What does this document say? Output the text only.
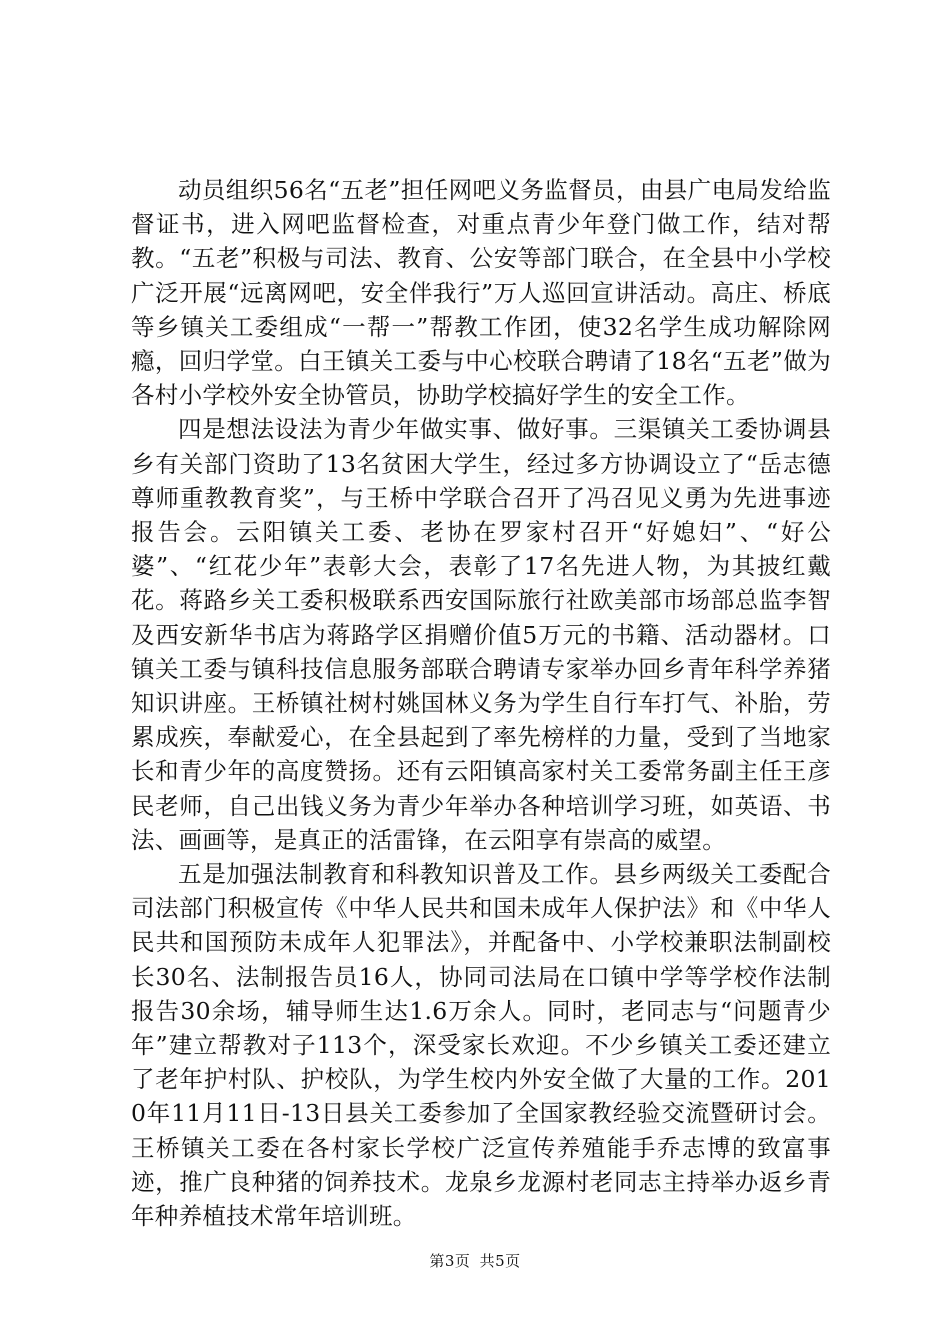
动员组织56名“五老”担任网吧义务监督员，由县广电局发给监督证书，进入网吧监督检查，对重点青少年登门做工作，结对帮教。“五老”积极与司法、教育、公安等部门联合，在全县中小学校广泛开展“远离网吧，安全伴我行”万人巡回宣讲活动。高庄、桥底等乡镇关工委组成“一帮一”帮教工作团，使32名学生成功解除网瘾，回归学堂。白王镇关工委与中心校联合聘请了18名“五老”做为各村小学校外安全协管员，协助学校搞好学生的安全工作。

四是想法设法为青少年做实事、做好事。三渠镇关工委协调县乡有关部门资助了13名贫困大学生，经过多方协调设立了“岳志德尊师重教教育奖”，与王桥中学联合召开了冯召见义勇为先进事迹报告会。云阳镇关工委、老协在罗家村召开“好媳妇”、“好公婆”、“红花少年”表彰大会，表彰了17名先进人物，为其披红戴花。蒋路乡关工委积极联系西安国际旅行社欧美部市场部总监李智及西安新华书店为蒋路学区捐赠价值5万元的书籍、活动器材。口镇关工委与镇科技信息服务部联合聘请专家举办回乡青年科学养猪知识讲座。王桥镇社树村姚国林义务为学生自行车打气、补胎，劳累成疾，奉献爱心，在全县起到了率先榜样的力量，受到了当地家长和青少年的高度赞扬。还有云阳镇高家村关工委常务副主任王彦民老师，自己出钱义务为青少年举办各种培训学习班，如英语、书法、画画等，是真正的活雷锋，在云阳享有崇高的威望。

五是加强法制教育和科教知识普及工作。县乡两级关工委配合司法部门积极宣传《中华人民共和国未成年人保护法》和《中华人民共和国预防未成年人犯罪法》，并配备中、小学校兼职法制副校长30名、法制报告员16人，协同司法局在口镇中学等学校作法制报告30余场，辅导师生达1.6万余人。同时，老同志与“问题青少年”建立帮教对子113个，深受家长欢迎。不少乡镇关工委还建立了老年护村队、护校队，为学生校内外安全做了大量的工作。2010年11月11日-13日县关工委参加了全国家教经验交流暨研讨会。王桥镇关工委在各村家长学校广泛宣传养殖能手乔志博的致富事迹，推广良种猪的饲养技术。龙泉乡龙源村老同志主持举办返乡青年种养植技术常年培训班。

第3页 共5页
